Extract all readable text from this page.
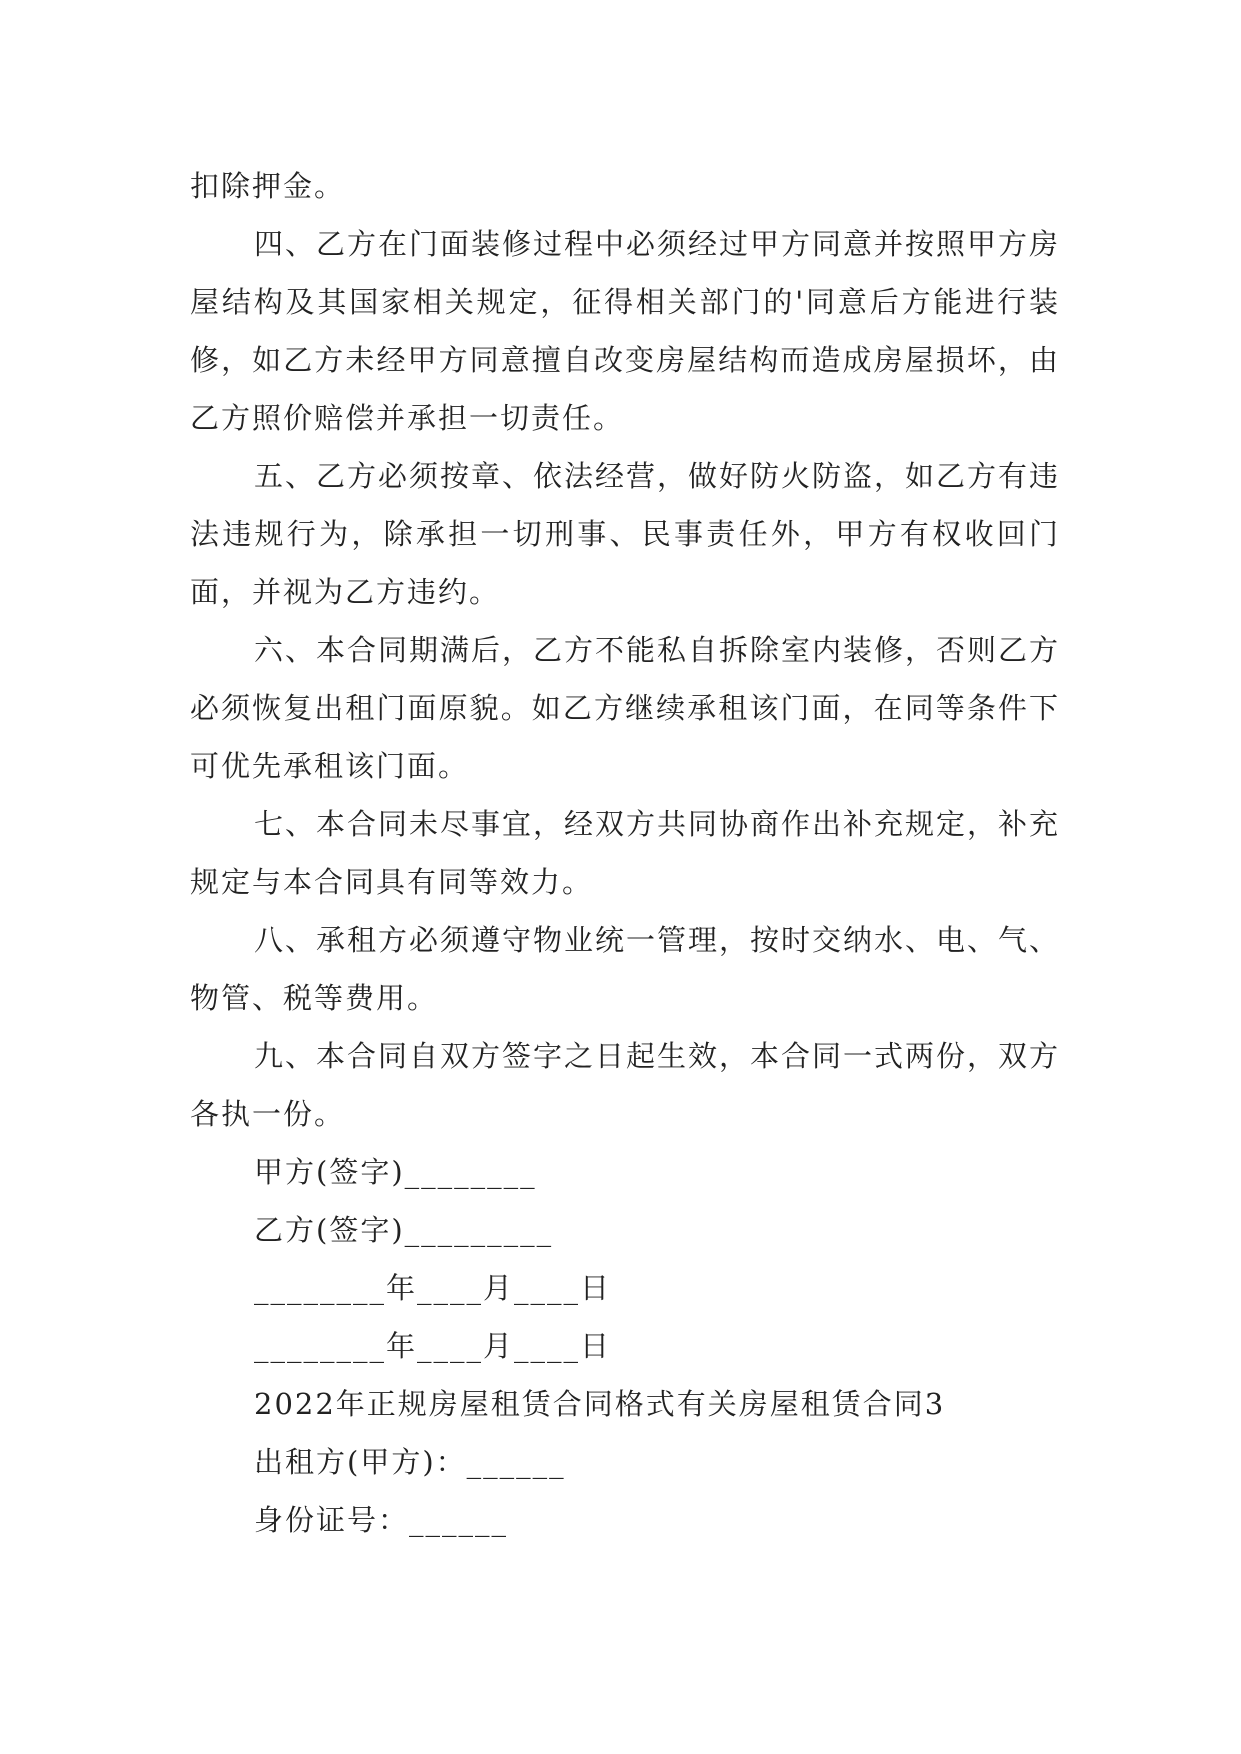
扣除押金。

四、乙方在门面装修过程中必须经过甲方同意并按照甲方房屋结构及其国家相关规定，征得相关部门的'同意后方能进行装修，如乙方未经甲方同意擅自改变房屋结构而造成房屋损坏，由乙方照价赔偿并承担一切责任。

五、乙方必须按章、依法经营，做好防火防盗，如乙方有违法违规行为，除承担一切刑事、民事责任外，甲方有权收回门面，并视为乙方违约。

六、本合同期满后，乙方不能私自拆除室内装修，否则乙方必须恢复出租门面原貌。如乙方继续承租该门面，在同等条件下可优先承租该门面。

七、本合同未尽事宜，经双方共同协商作出补充规定，补充规定与本合同具有同等效力。

八、承租方必须遵守物业统一管理，按时交纳水、电、气、物管、税等费用。

九、本合同自双方签字之日起生效，本合同一式两份，双方各执一份。

甲方(签字)________

乙方(签字)_________

________年____月____日

________年____月____日

2022年正规房屋租赁合同格式有关房屋租赁合同3

出租方(甲方)：______

身份证号：______
